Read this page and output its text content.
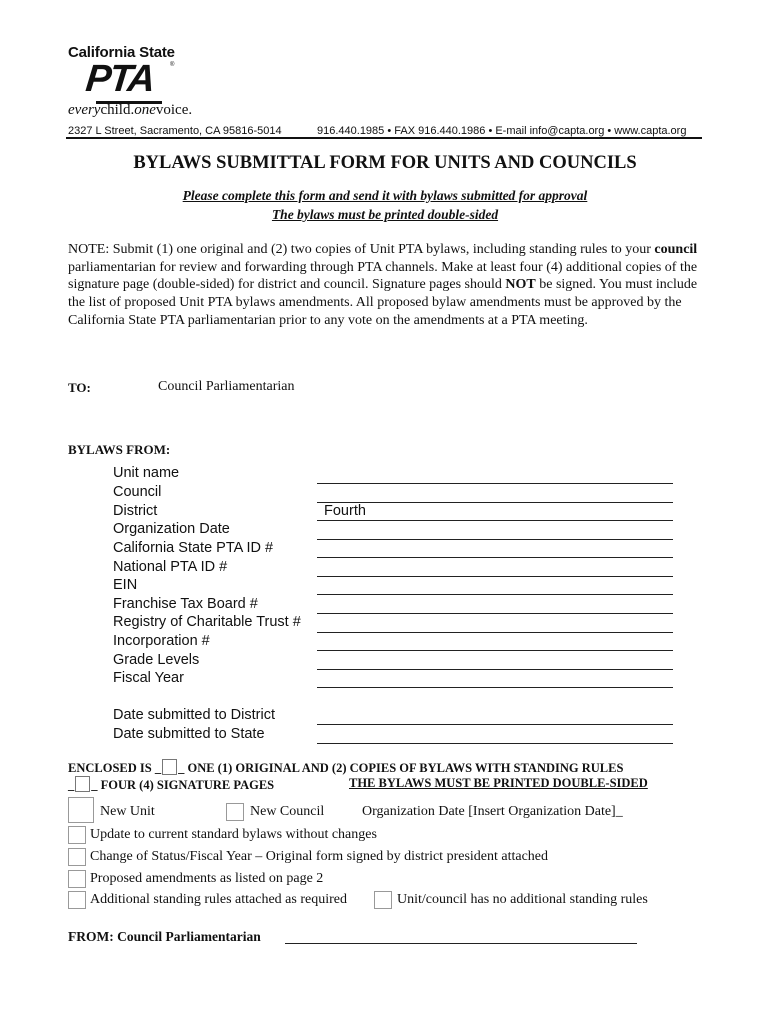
California State
PTA ®
everychild.onevoice.
2327 L Street, Sacramento, CA 95816-5014	916.440.1985 • FAX 916.440.1986 • E-mail info@capta.org • www.capta.org
BYLAWS SUBMITTAL FORM FOR UNITS AND COUNCILS
Please complete this form and send it with bylaws submitted for approval
The bylaws must be printed double-sided
NOTE: Submit (1) one original and (2) two copies of Unit PTA bylaws, including standing rules to your council parliamentarian for review and forwarding through PTA channels. Make at least four (4) additional copies of the signature page (double-sided) for district and council. Signature pages should NOT be signed. You must include the list of proposed Unit PTA bylaws amendments. All proposed bylaw amendments must be approved by the California State PTA parliamentarian prior to any vote on the amendments at a PTA meeting.
TO:	Council Parliamentarian
BYLAWS FROM:
Unit name
Council
District	Fourth
Organization Date
California State PTA ID #
National PTA ID #
EIN
Franchise Tax Board #
Registry of Charitable Trust #
Incorporation #
Grade Levels
Fiscal Year
Date submitted to District
Date submitted to State
ENCLOSED IS _ _ ONE (1) ORIGINAL AND (2) COPIES OF BYLAWS WITH STANDING RULES
_ _ FOUR (4) SIGNATURE PAGES	THE BYLAWS MUST BE PRINTED DOUBLE-SIDED
New Unit	New Council	Organization Date [Insert Organization Date]_
Update to current standard bylaws without changes
Change of Status/Fiscal Year – Original form signed by district president attached
Proposed amendments as listed on page 2
Additional standing rules attached as required	Unit/council has no additional standing rules
FROM: Council Parliamentarian
